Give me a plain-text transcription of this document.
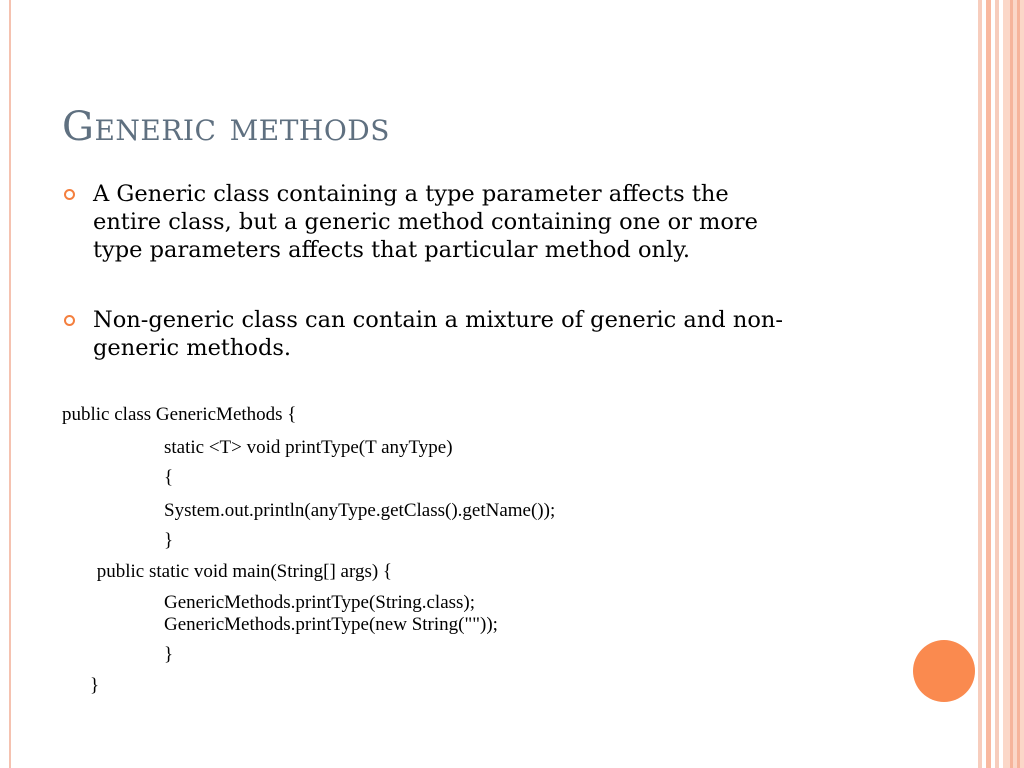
Generic methods
A Generic class containing a type parameter affects the
entire class, but a generic method containing one or more
type parameters affects that particular method only.
Non-generic class can contain a mixture of generic and non-
generic methods.
public class GenericMethods {
static <T> void printType(T anyType)
{
System.out.println(anyType.getClass().getName());
}
public static void main(String[] args) {
GenericMethods.printType(String.class);
GenericMethods.printType(new String(""));
}
}
